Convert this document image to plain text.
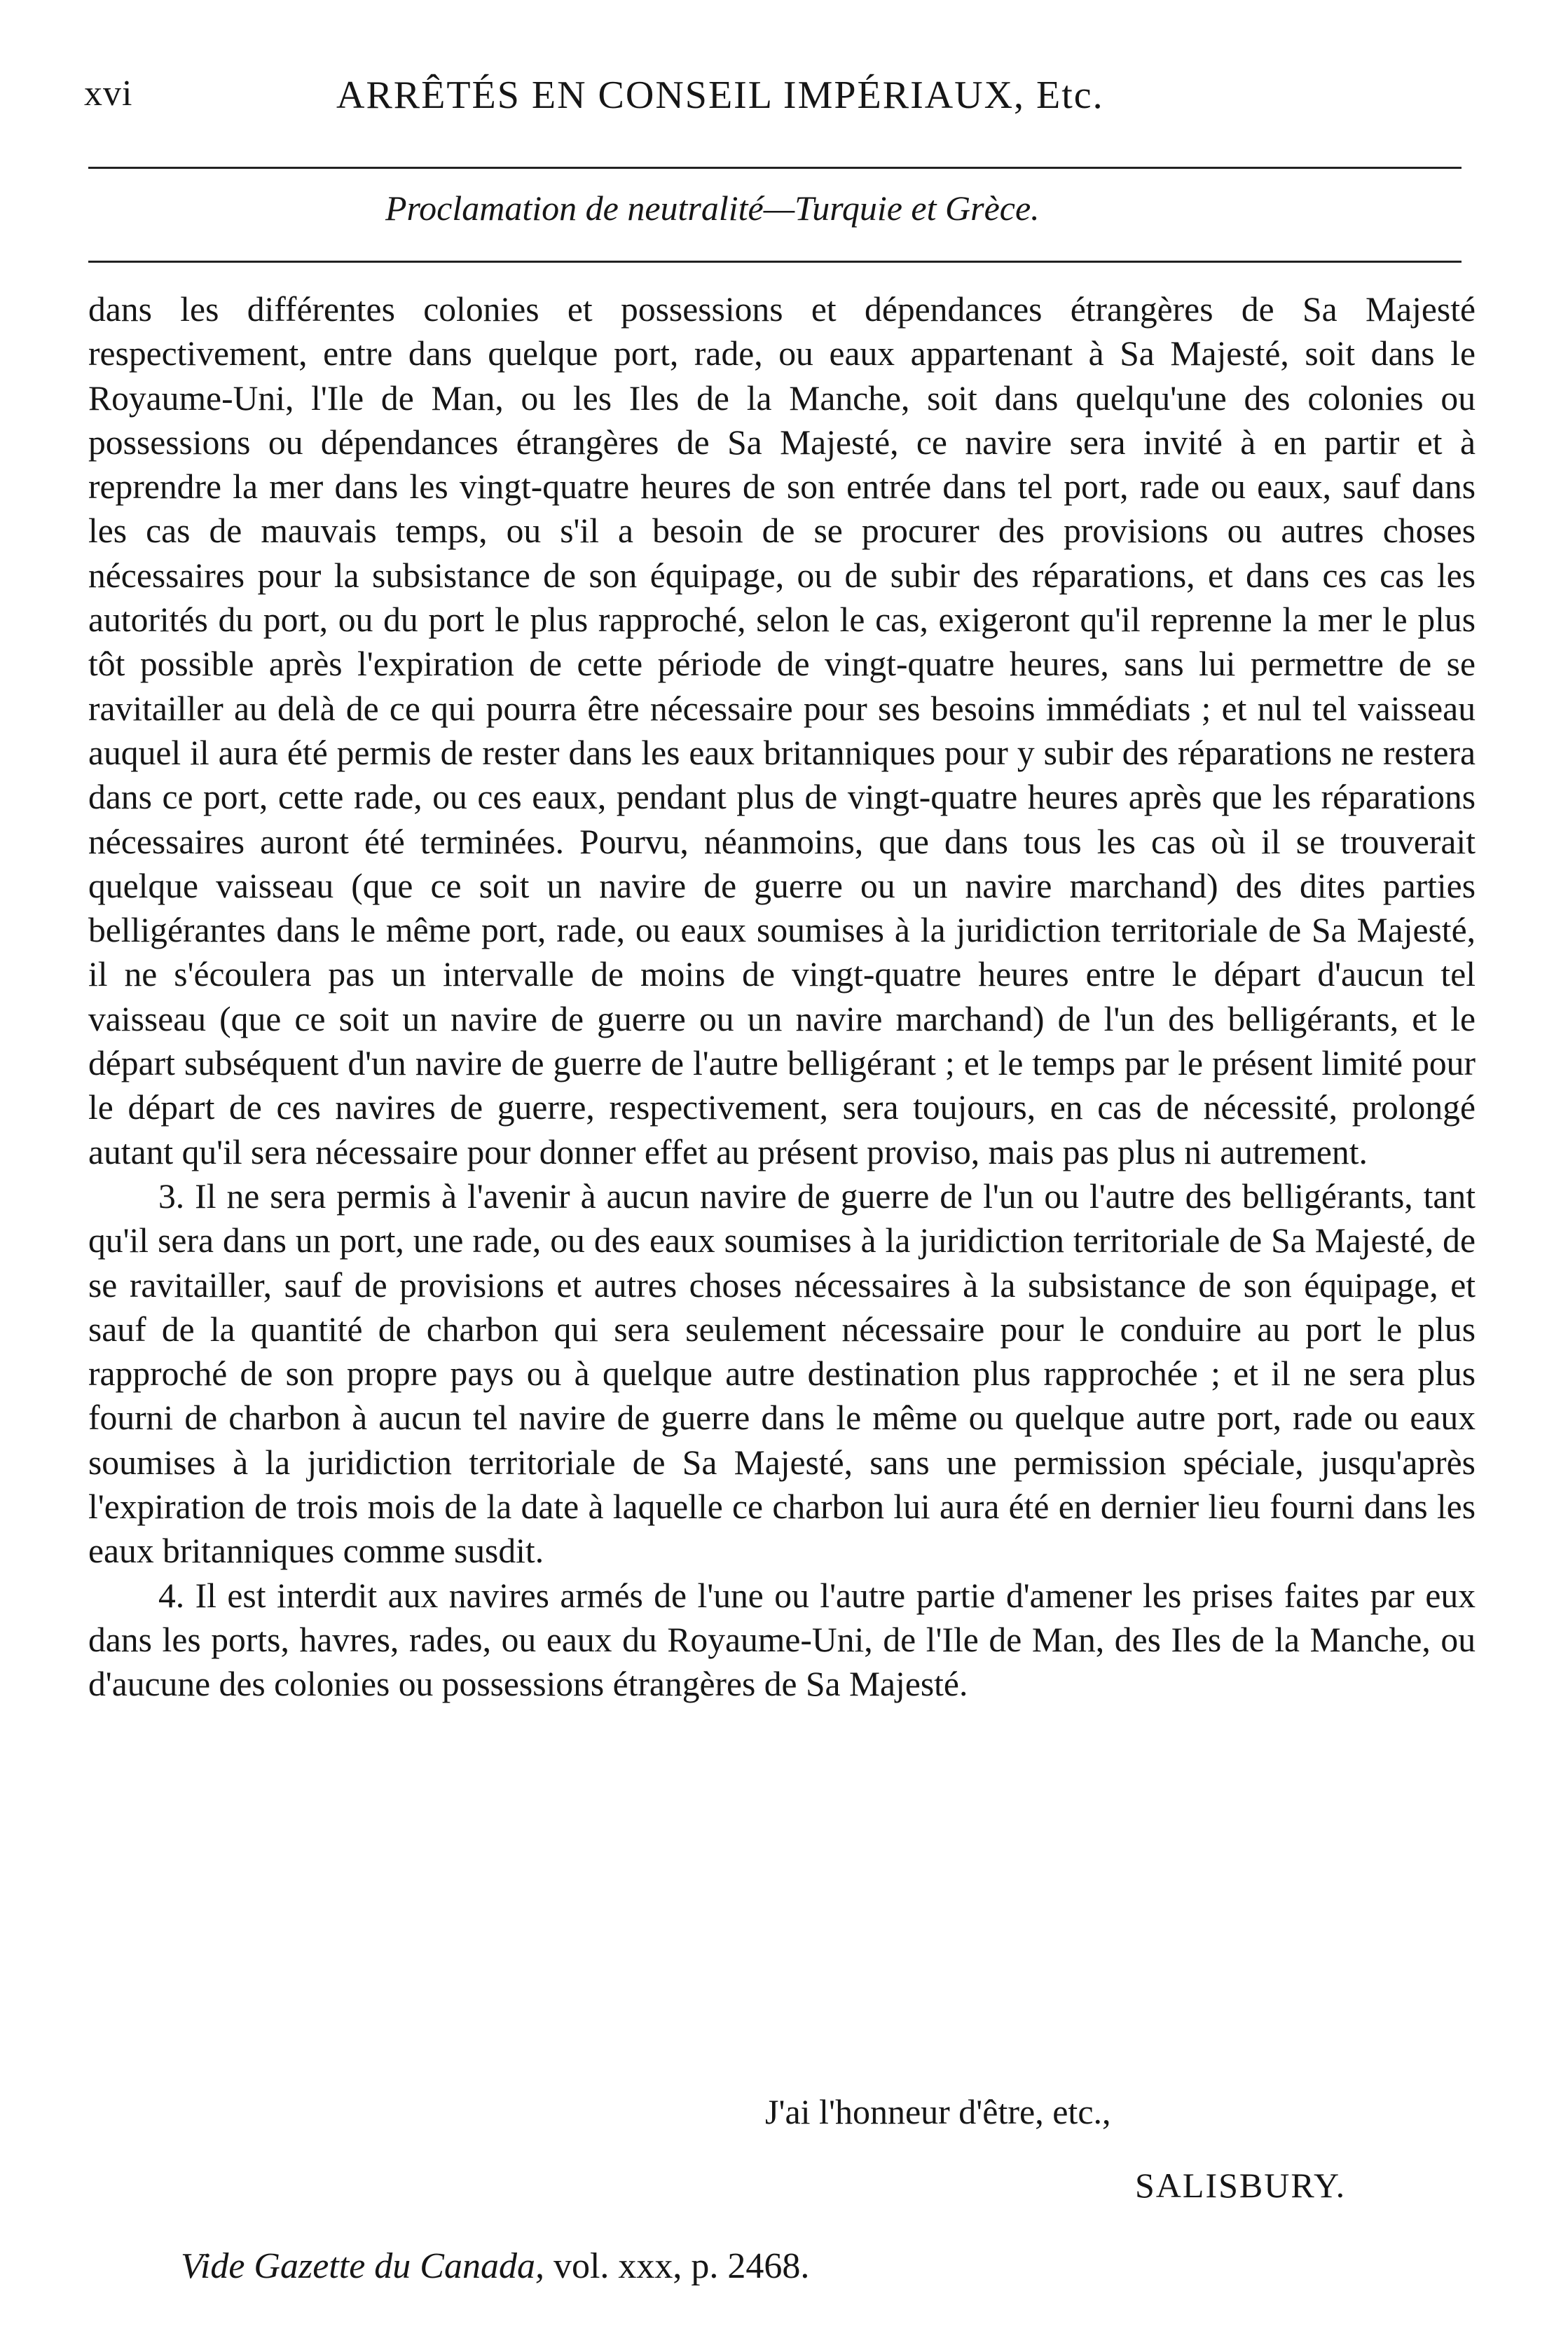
xvi	ARRÊTÉS EN CONSEIL IMPÉRIAUX, Etc.
Proclamation de neutralité—Turquie et Grèce.

dans les différentes colonies et possessions et dépendances étrangères de Sa Majesté respectivement, entre dans quelque port, rade, ou eaux appartenant à Sa Majesté, soit dans le Royaume-Uni, l'Ile de Man, ou les Iles de la Manche, soit dans quelqu'une des colonies ou possessions ou dépendances étrangères de Sa Majesté, ce navire sera invité à en partir et à reprendre la mer dans les vingt-quatre heures de son entrée dans tel port, rade ou eaux, sauf dans les cas de mauvais temps, ou s'il a besoin de se procurer des provisions ou autres choses nécessaires pour la subsistance de son équipage, ou de subir des réparations, et dans ces cas les autorités du port, ou du port le plus rapproché, selon le cas, exigeront qu'il reprenne la mer le plus tôt possible après l'expiration de cette période de vingt-quatre heures, sans lui permettre de se ravitailler au delà de ce qui pourra être nécessaire pour ses besoins immédiats ; et nul tel vaisseau auquel il aura été permis de rester dans les eaux britanniques pour y subir des réparations ne restera dans ce port, cette rade, ou ces eaux, pendant plus de vingt-quatre heures après que les réparations nécessaires auront été terminées. Pourvu, néanmoins, que dans tous les cas où il se trouverait quelque vaisseau (que ce soit un navire de guerre ou un navire marchand) des dites parties belligérantes dans le même port, rade, ou eaux soumises à la juridiction territoriale de Sa Majesté, il ne s'écoulera pas un intervalle de moins de vingt-quatre heures entre le départ d'aucun tel vaisseau (que ce soit un navire de guerre ou un navire marchand) de l'un des belligérants, et le départ subséquent d'un navire de guerre de l'autre belligérant ; et le temps par le présent limité pour le départ de ces navires de guerre, respectivement, sera toujours, en cas de nécessité, prolongé autant qu'il sera nécessaire pour donner effet au présent proviso, mais pas plus ni autrement.

3. Il ne sera permis à l'avenir à aucun navire de guerre de l'un ou l'autre des belligérants, tant qu'il sera dans un port, une rade, ou des eaux soumises à la juridiction territoriale de Sa Majesté, de se ravitailler, sauf de provisions et autres choses nécessaires à la subsistance de son équipage, et sauf de la quantité de charbon qui sera seulement nécessaire pour le conduire au port le plus rapproché de son propre pays ou à quelque autre destination plus rapprochée ; et il ne sera plus fourni de charbon à aucun tel navire de guerre dans le même ou quelque autre port, rade ou eaux soumises à la juridiction territoriale de Sa Majesté, sans une permission spéciale, jusqu'après l'expiration de trois mois de la date à laquelle ce charbon lui aura été en dernier lieu fourni dans les eaux britanniques comme susdit.

4. Il est interdit aux navires armés de l'une ou l'autre partie d'amener les prises faites par eux dans les ports, havres, rades, ou eaux du Royaume-Uni, de l'Ile de Man, des Iles de la Manche, ou d'aucune des colonies ou possessions étrangères de Sa Majesté.

J'ai l'honneur d'être, etc.,
SALISBURY.
Vide Gazette du Canada, vol. xxx, p. 2468.
